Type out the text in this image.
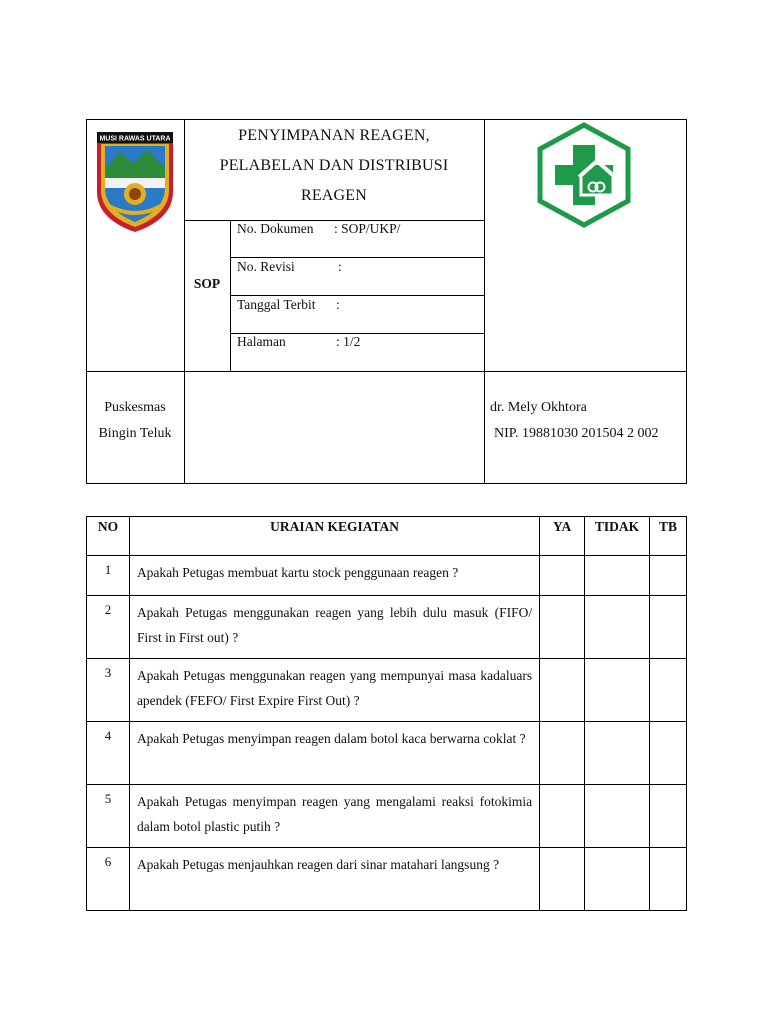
MUSI RAWAS UTARA	PENYIMPANAN REAGEN,
PELABELAN DAN DISTRIBUSI
REAGEN
SOP
No. Dokumen : SOP/UKP/
No. Revisi	:
Tanggal Terbit :
Halaman	: 1/2
Puskesmas
Bingin Teluk
dr. Mely Okhtora
NIP. 19881030 201504 2 002
NO	URAIAN KEGIATAN	YA	TIDAK	TB
1	Apakah Petugas membuat kartu stock penggunaan reagen ?			
2	Apakah Petugas menggunakan reagen yang lebih dulu masuk (FIFO/ First in First out) ?			
3	Apakah Petugas menggunakan reagen yang mempunyai masa kadaluars apendek (FEFO/ First Expire First Out) ?			
4	Apakah Petugas menyimpan reagen dalam botol kaca berwarna coklat ?			
5	Apakah Petugas menyimpan reagen yang mengalami reaksi fotokimia dalam botol plastic putih ?			
6	Apakah Petugas menjauhkan reagen dari sinar matahari langsung ?			
